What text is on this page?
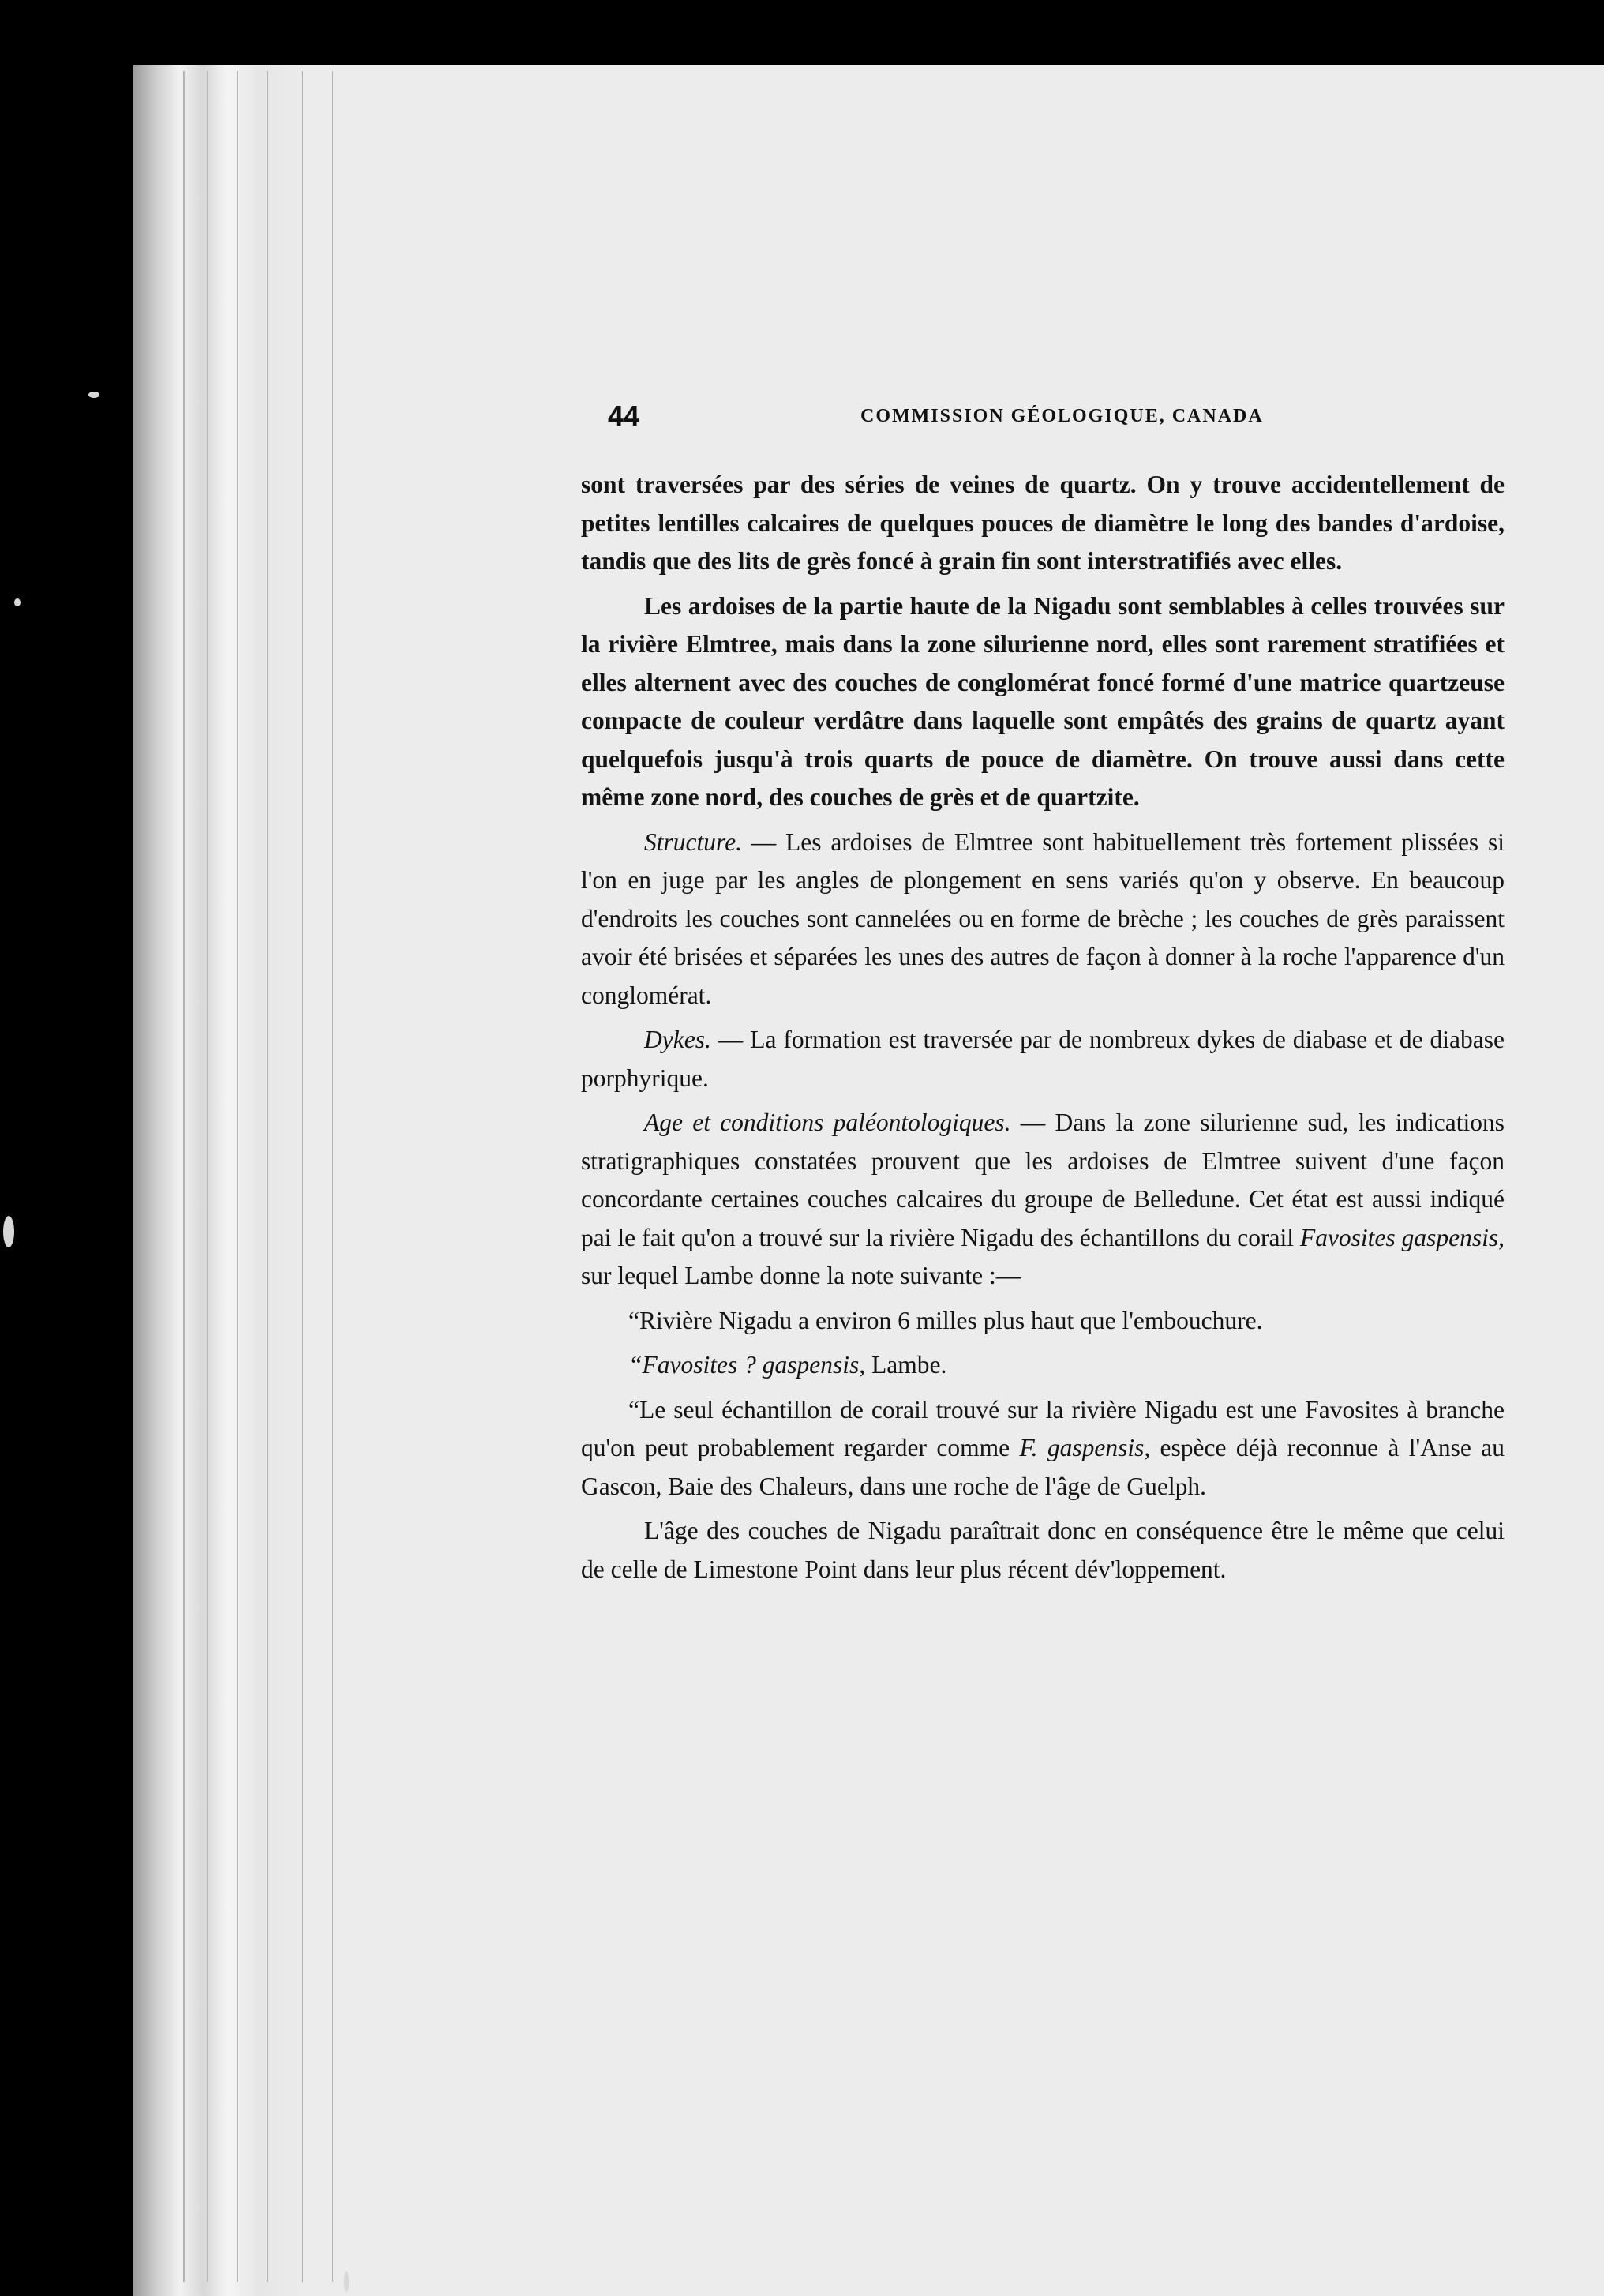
44	COMMISSION GÉOLOGIQUE, CANADA

sont traversées par des séries de veines de quartz. On y trouve accidentellement de petites lentilles calcaires de quelques pouces de diamètre le long des bandes d'ardoise, tandis que des lits de grès foncé à grain fin sont interstratifiés avec elles.

Les ardoises de la partie haute de la Nigadu sont semblables à celles trouvées sur la rivière Elmtree, mais dans la zone silurienne nord, elles sont rarement stratifiées et elles alternent avec des couches de conglomérat foncé formé d'une matrice quartzeuse compacte de couleur verdâtre dans laquelle sont empâtés des grains de quartz ayant quelquefois jusqu'à trois quarts de pouce de diamètre. On trouve aussi dans cette même zone nord, des couches de grès et de quartzite.

Structure. — Les ardoises de Elmtree sont habituellement très fortement plissées si l'on en juge par les angles de plongement en sens variés qu'on y observe. En beaucoup d'endroits les couches sont cannelées ou en forme de brèche ; les couches de grès paraissent avoir été brisées et séparées les unes des autres de façon à donner à la roche l'apparence d'un conglomérat.

Dykes. — La formation est traversée par de nombreux dykes de diabase et de diabase porphyrique.

Age et conditions paléontologiques. — Dans la zone silurienne sud, les indications stratigraphiques constatées prouvent que les ardoises de Elmtree suivent d'une façon concordante certaines couches calcaires du groupe de Belledune. Cet état est aussi indiqué pai le fait qu'on a trouvé sur la rivière Nigadu des échantillons du corail Favosites gaspensis, sur lequel Lambe donne la note suivante :—

“Rivière Nigadu a environ 6 milles plus haut que l'embouchure.

“Favosites ? gaspensis, Lambe.

“Le seul échantillon de corail trouvé sur la rivière Nigadu est une Favosites à branche qu'on peut probablement regarder comme F. gaspensis, espèce déjà reconnue à l'Anse au Gascon, Baie des Chaleurs, dans une roche de l'âge de Guelph.

L'âge des couches de Nigadu paraîtrait donc en conséquence être le même que celui de celle de Limestone Point dans leur plus récent dév'loppement.
